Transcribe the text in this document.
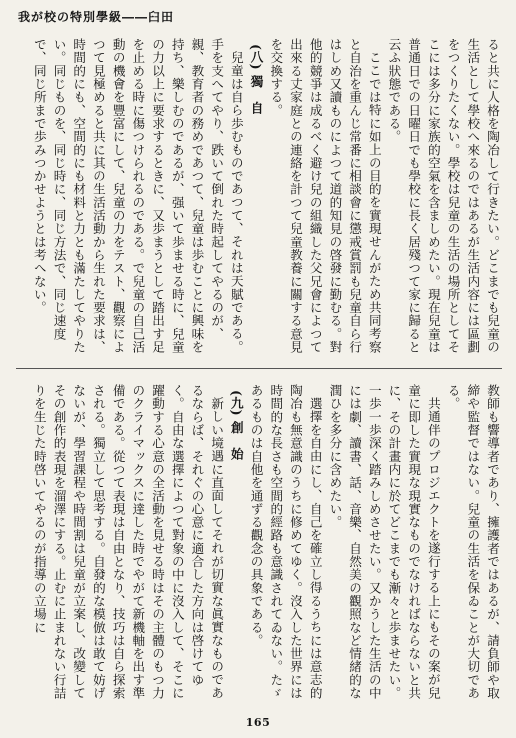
我が校の特別學級――臼田

ると共に人格を陶冶して行きたい。どこまでも兒童の生活として學校へ來るのではあるが生活内容には區劃をつくりたくない。學校は兒童の生活の場所としてそこには多分に家族的空氣を含ましめたい。現在兒童は普通日での日曜日でも學校に長く居殘つて家に歸ると云ふ狀態である。

ここでは特に如上の目的を實現せんがため共同考察と自治を重んじ常番に相談會に懲戒賞罰も兒童自ら行はしめ又讀ものによつて道的知見の啓發に勤むる。對他的競爭は成るべく避け兒の組織した父兄會によつて出來る丈家庭との連絡を計つて兒童教養に關する意見を交換する。

(八) 獨　自

兒童は自ら歩むものであつて、それは天賦である。手を支へてやり、跌いて倒れた時起してやるのが、親、教育者の務めであつて、兒童は歩むことに興味を持ち、樂しむのであるが、强いて歩ませる時に、兒童の力以上に要求するときに、又歩まうとして踏出す足を止める時に傷つけられるのである。で兒童の自己活動の機會を豐富にして、兒童の力をテスト、觀察によつて見極めると共に其の生活活動から生れた要求は、時間的にも、空間的にも材料と力とも滿たしてやりたい。同じものを、同じ時に、同じ方法で、同じ速度で、同じ所まで歩みつかせようとは考へない。

教師も響導者であり、擁護者ではあるが、請負師や取締や監督ではない。兒童の生活を保ゐことが大切である。

共通伴のプロジエクトを遂行する上にもその案が兒童に即した實現な現實なものでなければならないと共に、その計畫内に於てどこまでも漸々と歩ませたい。一歩一歩深く踏みしめさせたい。又かうした生活の中には劇、讀書、話、音樂、自然美の觀照など情緒的な潤ひを多分に含めたい。

選擇を自由にし、自己を確立し得るうちには意志的陶冶も無意識のうちに修めてゆく。沒入した世界には時間的な長さも空間的經路も意識されてゐない。たゞあるものは自他を通ずる觀念の具象である。

(九) 創　始

新しい境遇に直面してそれが切實な眞實なものであるならば、それぐの心意に適合した方向は啓けてゆく。自由な選擇によつて對象の中に沒入して、そこに躍動する心意の全活動を見せる時はその主體のもつ力のクライマックスに達した時でやがて新機軸を出す準備である。從つて表現は自由となり、技巧は自ら探索される。獨立して思考する。自發的な模倣は敢て妨げないが、學習課程や時間割は兒童が立案し、改變してその創作的表現を溜澤にする。止むに止まれない行詰りを生じた時啓いてやるのが指導の立場に

165
